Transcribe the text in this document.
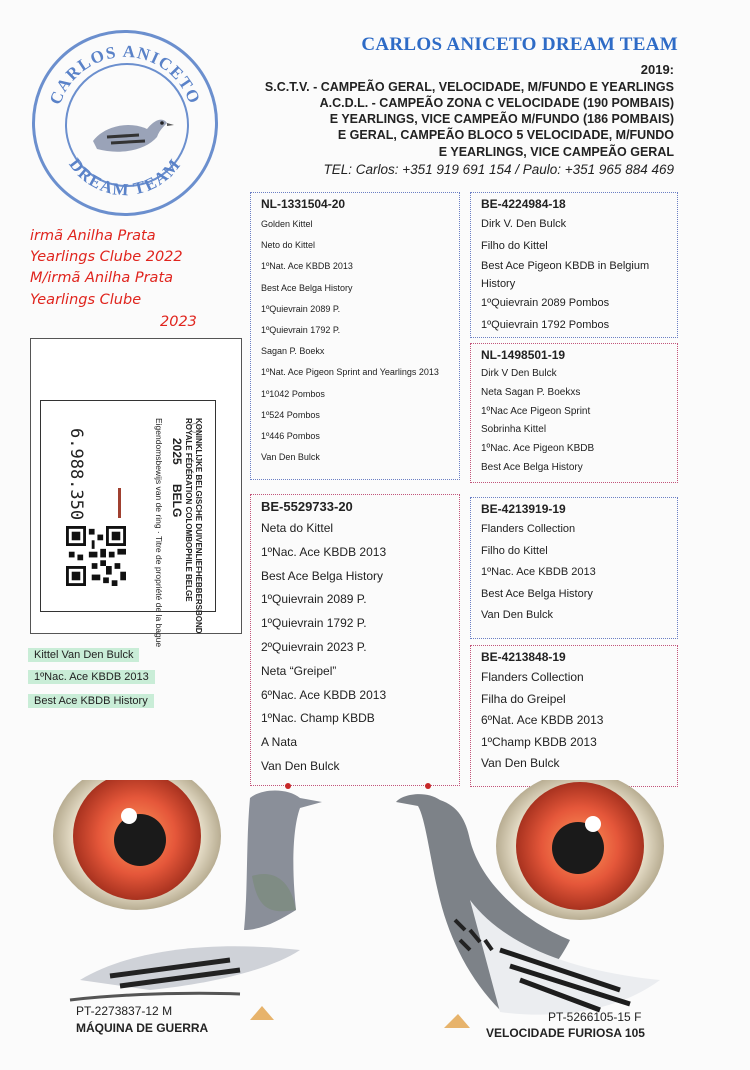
CARLOS ANICETO
DREAM TEAM
CARLOS ANICETO DREAM TEAM
2019:
S.C.T.V. - CAMPEÃO GERAL, VELOCIDADE, M/FUNDO E YEARLINGS
A.C.D.L. - CAMPEÃO ZONA C VELOCIDADE (190 POMBAIS)
E YEARLINGS, VICE CAMPEÃO M/FUNDO (186 POMBAIS)
E GERAL, CAMPEÃO BLOCO 5 VELOCIDADE, M/FUNDO
E YEARLINGS, VICE CAMPEÃO GERAL
TEL: Carlos: +351 919 691 154 / Paulo: +351 965 884 469
irmã Anilha Prata
Yearlings Clube 2022
M/irmã Anilha Prata
Yearlings Clube
2023
6.988.350	KONINKLIJKE BELGISCHE DUIVENLIEFHEBBERSBOND
ROYALE FÉDÉRATION COLOMBOPHILE BELGE
2025
BELG
Eigendomsbewijs van de ring · Titre de propriété de la bague
Kittel Van Den Bulck
1ºNac. Ace KBDB 2013
Best Ace KBDB History
NL-1331504-20
Golden Kittel
Neto do Kittel
1ºNat. Ace KBDB 2013
Best Ace Belga History
1ºQuievrain 2089 P.
1ºQuievrain 1792 P.
Sagan P. Boekx
1ºNat. Ace Pigeon Sprint and Yearlings 2013
1º1042 Pombos
1º524 Pombos
1º446 Pombos
Van Den Bulck
BE-4224984-18
Dirk V. Den Bulck
Filho do Kittel
Best Ace Pigeon KBDB in Belgium
History
1ºQuievrain 2089 Pombos
1ºQuievrain 1792 Pombos
NL-1498501-19
Dirk V Den Bulck
Neta Sagan P. Boekxs
1ºNac Ace Pigeon Sprint
Sobrinha Kittel
1ºNac. Ace Pigeon KBDB
Best Ace Belga History
BE-5529733-20
Neta do Kittel
1ºNac. Ace KBDB 2013
Best Ace Belga History
1ºQuievrain 2089 P.
1ºQuievrain 1792 P.
2ºQuievrain 2023 P.
Neta “Greipel”
6ºNac. Ace KBDB 2013
1ºNac. Champ KBDB
A Nata
Van Den Bulck
BE-4213919-19
Flanders Collection
Filho do Kittel
1ºNac. Ace KBDB 2013
Best Ace Belga History
Van Den Bulck
BE-4213848-19
Flanders Collection
Filha do Greipel
6ºNat. Ace KBDB 2013
1ºChamp KBDB 2013
Van Den Bulck
PT-2273837-12 M
MÁQUINA DE GUERRA
PT-5266105-15 F
VELOCIDADE FURIOSA 105
